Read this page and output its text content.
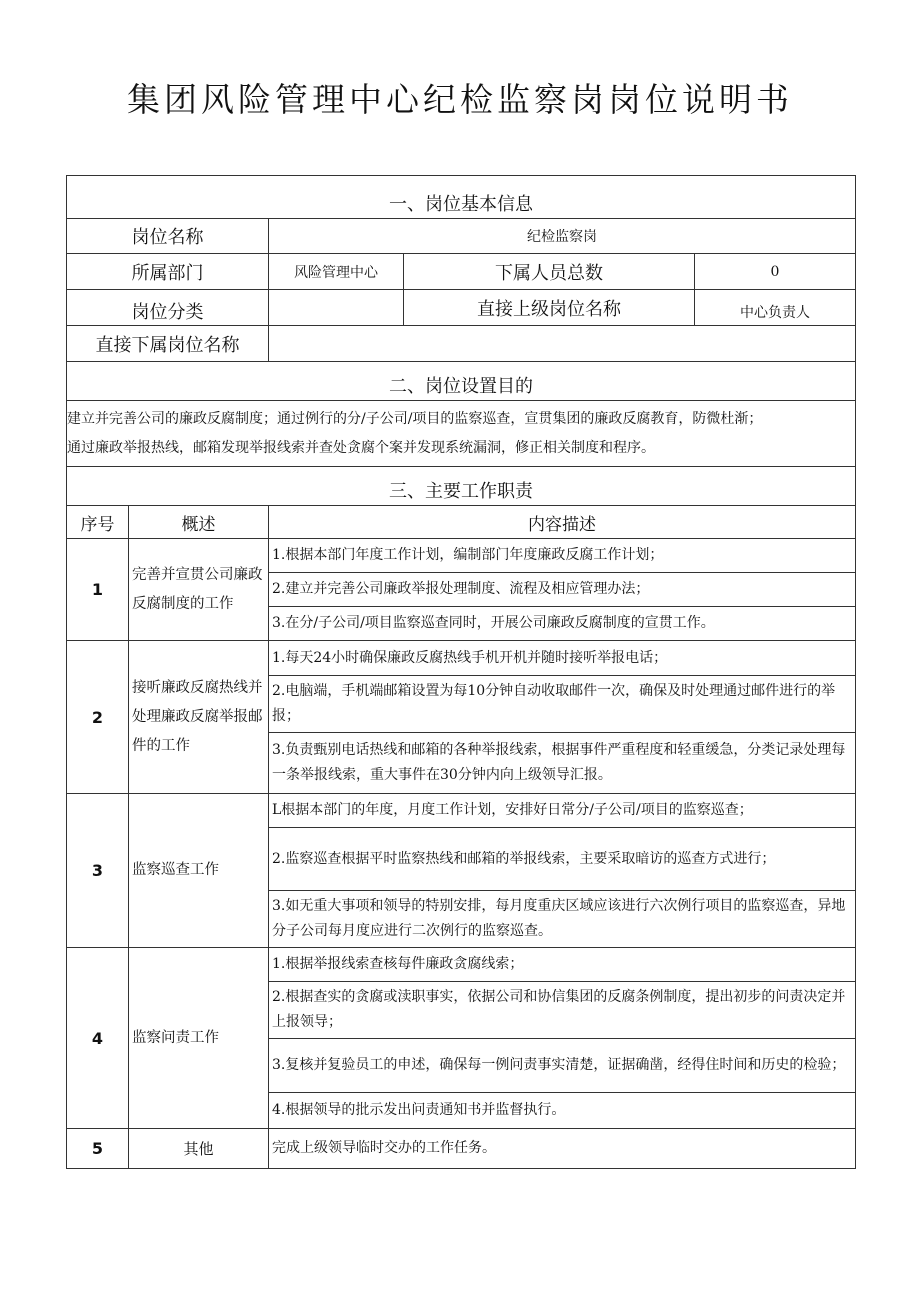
集团风险管理中心纪检监察岗岗位说明书
一、岗位基本信息				
岗位名称		纪检监察岗		
所属部门		风险管理中心	下属人员总数	0
岗位分类			直接上级岗位名称	中心负责人
直接下属岗位名称				
二、岗位设置目的				

建立并完善公司的廉政反腐制度；通过例行的分/子公司/项目的监察巡查，宣贯集团的廉政反腐教育，防微杜渐；
通过廉政举报热线，邮箱发现举报线索并查处贪腐个案并发现系统漏洞，修正相关制度和程序。				

三、主要工作职责				
序号	概述	内容描述		
1	完善并宣贯公司廉政反腐制度的工作	1.根据本部门年度工作计划，编制部门年度廉政反腐工作计划；		
		2.建立并完善公司廉政举报处理制度、流程及相应管理办法；		
		3.在分/子公司/项目监察巡查同时，开展公司廉政反腐制度的宣贯工作。		
2	接听廉政反腐热线并处理廉政反腐举报邮件的工作	1.每天24小时确保廉政反腐热线手机开机并随时接听举报电话；		
		2.电脑端，手机端邮箱设置为每10分钟自动收取邮件一次，确保及时处理通过邮件进行的举报；		
		3.负责甄别电话热线和邮箱的各种举报线索，根据事件严重程度和轻重缓急，分类记录处理每一条举报线索，重大事件在30分钟内向上级领导汇报。		
3	监察巡查工作	L根据本部门的年度，月度工作计划，安排好日常分/子公司/项目的监察巡查；		
		2.监察巡查根据平时监察热线和邮箱的举报线索，主要采取暗访的巡查方式进行；		
		3.如无重大事项和领导的特别安排，每月度重庆区域应该进行六次例行项目的监察巡查，异地分子公司每月度应进行二次例行的监察巡查。		
4	监察问责工作	1.根据举报线索查核每件廉政贪腐线索；		
		2.根据查实的贪腐或渎职事实，依据公司和协信集团的反腐条例制度，提出初步的问责决定并上报领导；		
		3.复核并复验员工的申述，确保每一例问责事实清楚，证据确凿，经得住时间和历史的检验；		
		4.根据领导的批示发出问责通知书并监督执行。		
5	其他	完成上级领导临时交办的工作任务。		
